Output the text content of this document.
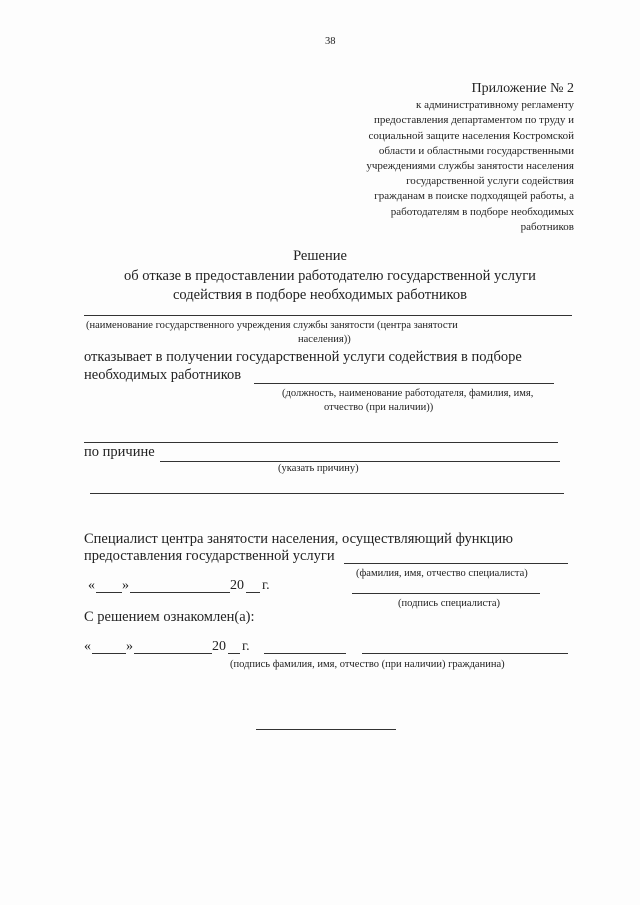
38
Приложение № 2
к административному регламенту
предоставления департаментом по труду и
социальной защите населения Костромской
области и областными государственными
учреждениями службы занятости населения
государственной услуги содействия
гражданам в поиске подходящей работы, а
работодателям в подборе необходимых
работников
Решение
об отказе в предоставлении работодателю государственной услуги
содействия в подборе необходимых работников
(наименование государственного учреждения службы занятости (центра занятости
населения))
отказывает в получении государственной услуги содействия в подборе
необходимых работников
(должность, наименование работодателя, фамилия, имя,
отчество (при наличии))
по причине
(указать причину)
Специалист центра занятости населения, осуществляющий функцию
предоставления государственной услуги
(фамилия, имя, отчество специалиста)
« »	20 г.
(подпись специалиста)
С решением ознакомлен(а):
«	»	20 г.
(подпись фамилия, имя, отчество (при наличии) гражданина)
